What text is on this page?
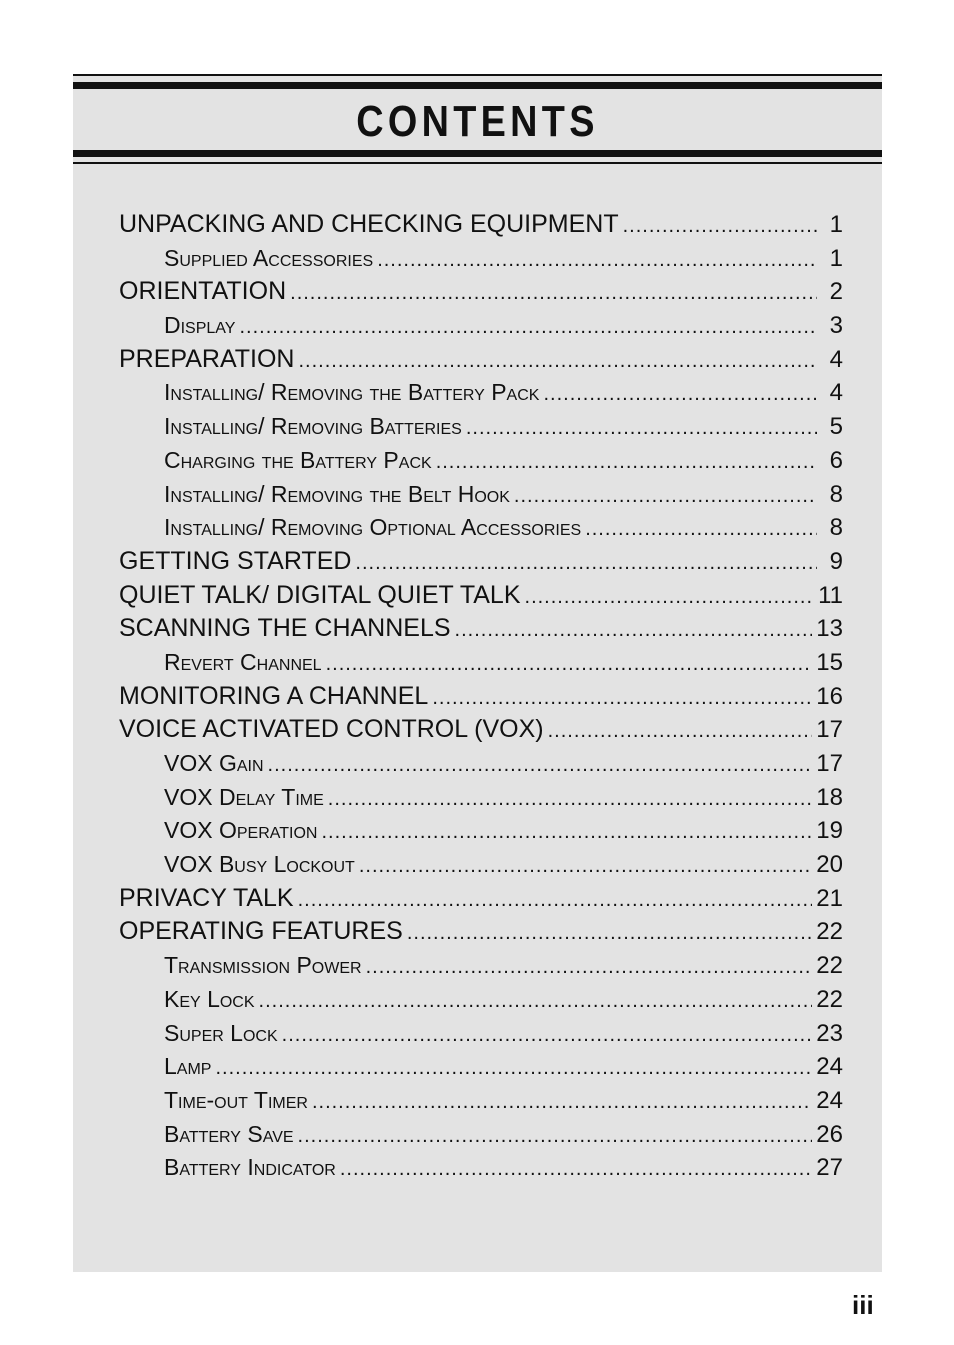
CONTENTS
UNPACKING AND CHECKING EQUIPMENT .....	1
Supplied Accessories .....	1
ORIENTATION .....	2
Display .....	3
PREPARATION .....	4
Installing/ Removing the Battery Pack .....	4
Installing/ Removing Batteries .....	5
Charging the Battery Pack .....	6
Installing/ Removing the Belt Hook .....	8
Installing/ Removing Optional Accessories .....	8
GETTING STARTED .....	9
QUIET TALK/ DIGITAL QUIET TALK .....	11
SCANNING THE CHANNELS .....	13
Revert Channel .....	15
MONITORING A CHANNEL .....	16
VOICE ACTIVATED CONTROL (VOX) .....	17
VOX Gain .....	17
VOX Delay Time .....	18
VOX Operation .....	19
VOX Busy Lockout .....	20
PRIVACY TALK .....	21
OPERATING FEATURES .....	22
Transmission Power .....	22
Key Lock .....	22
Super Lock .....	23
Lamp .....	24
Time-out Timer .....	24
Battery Save .....	26
Battery Indicator .....	27
iii
